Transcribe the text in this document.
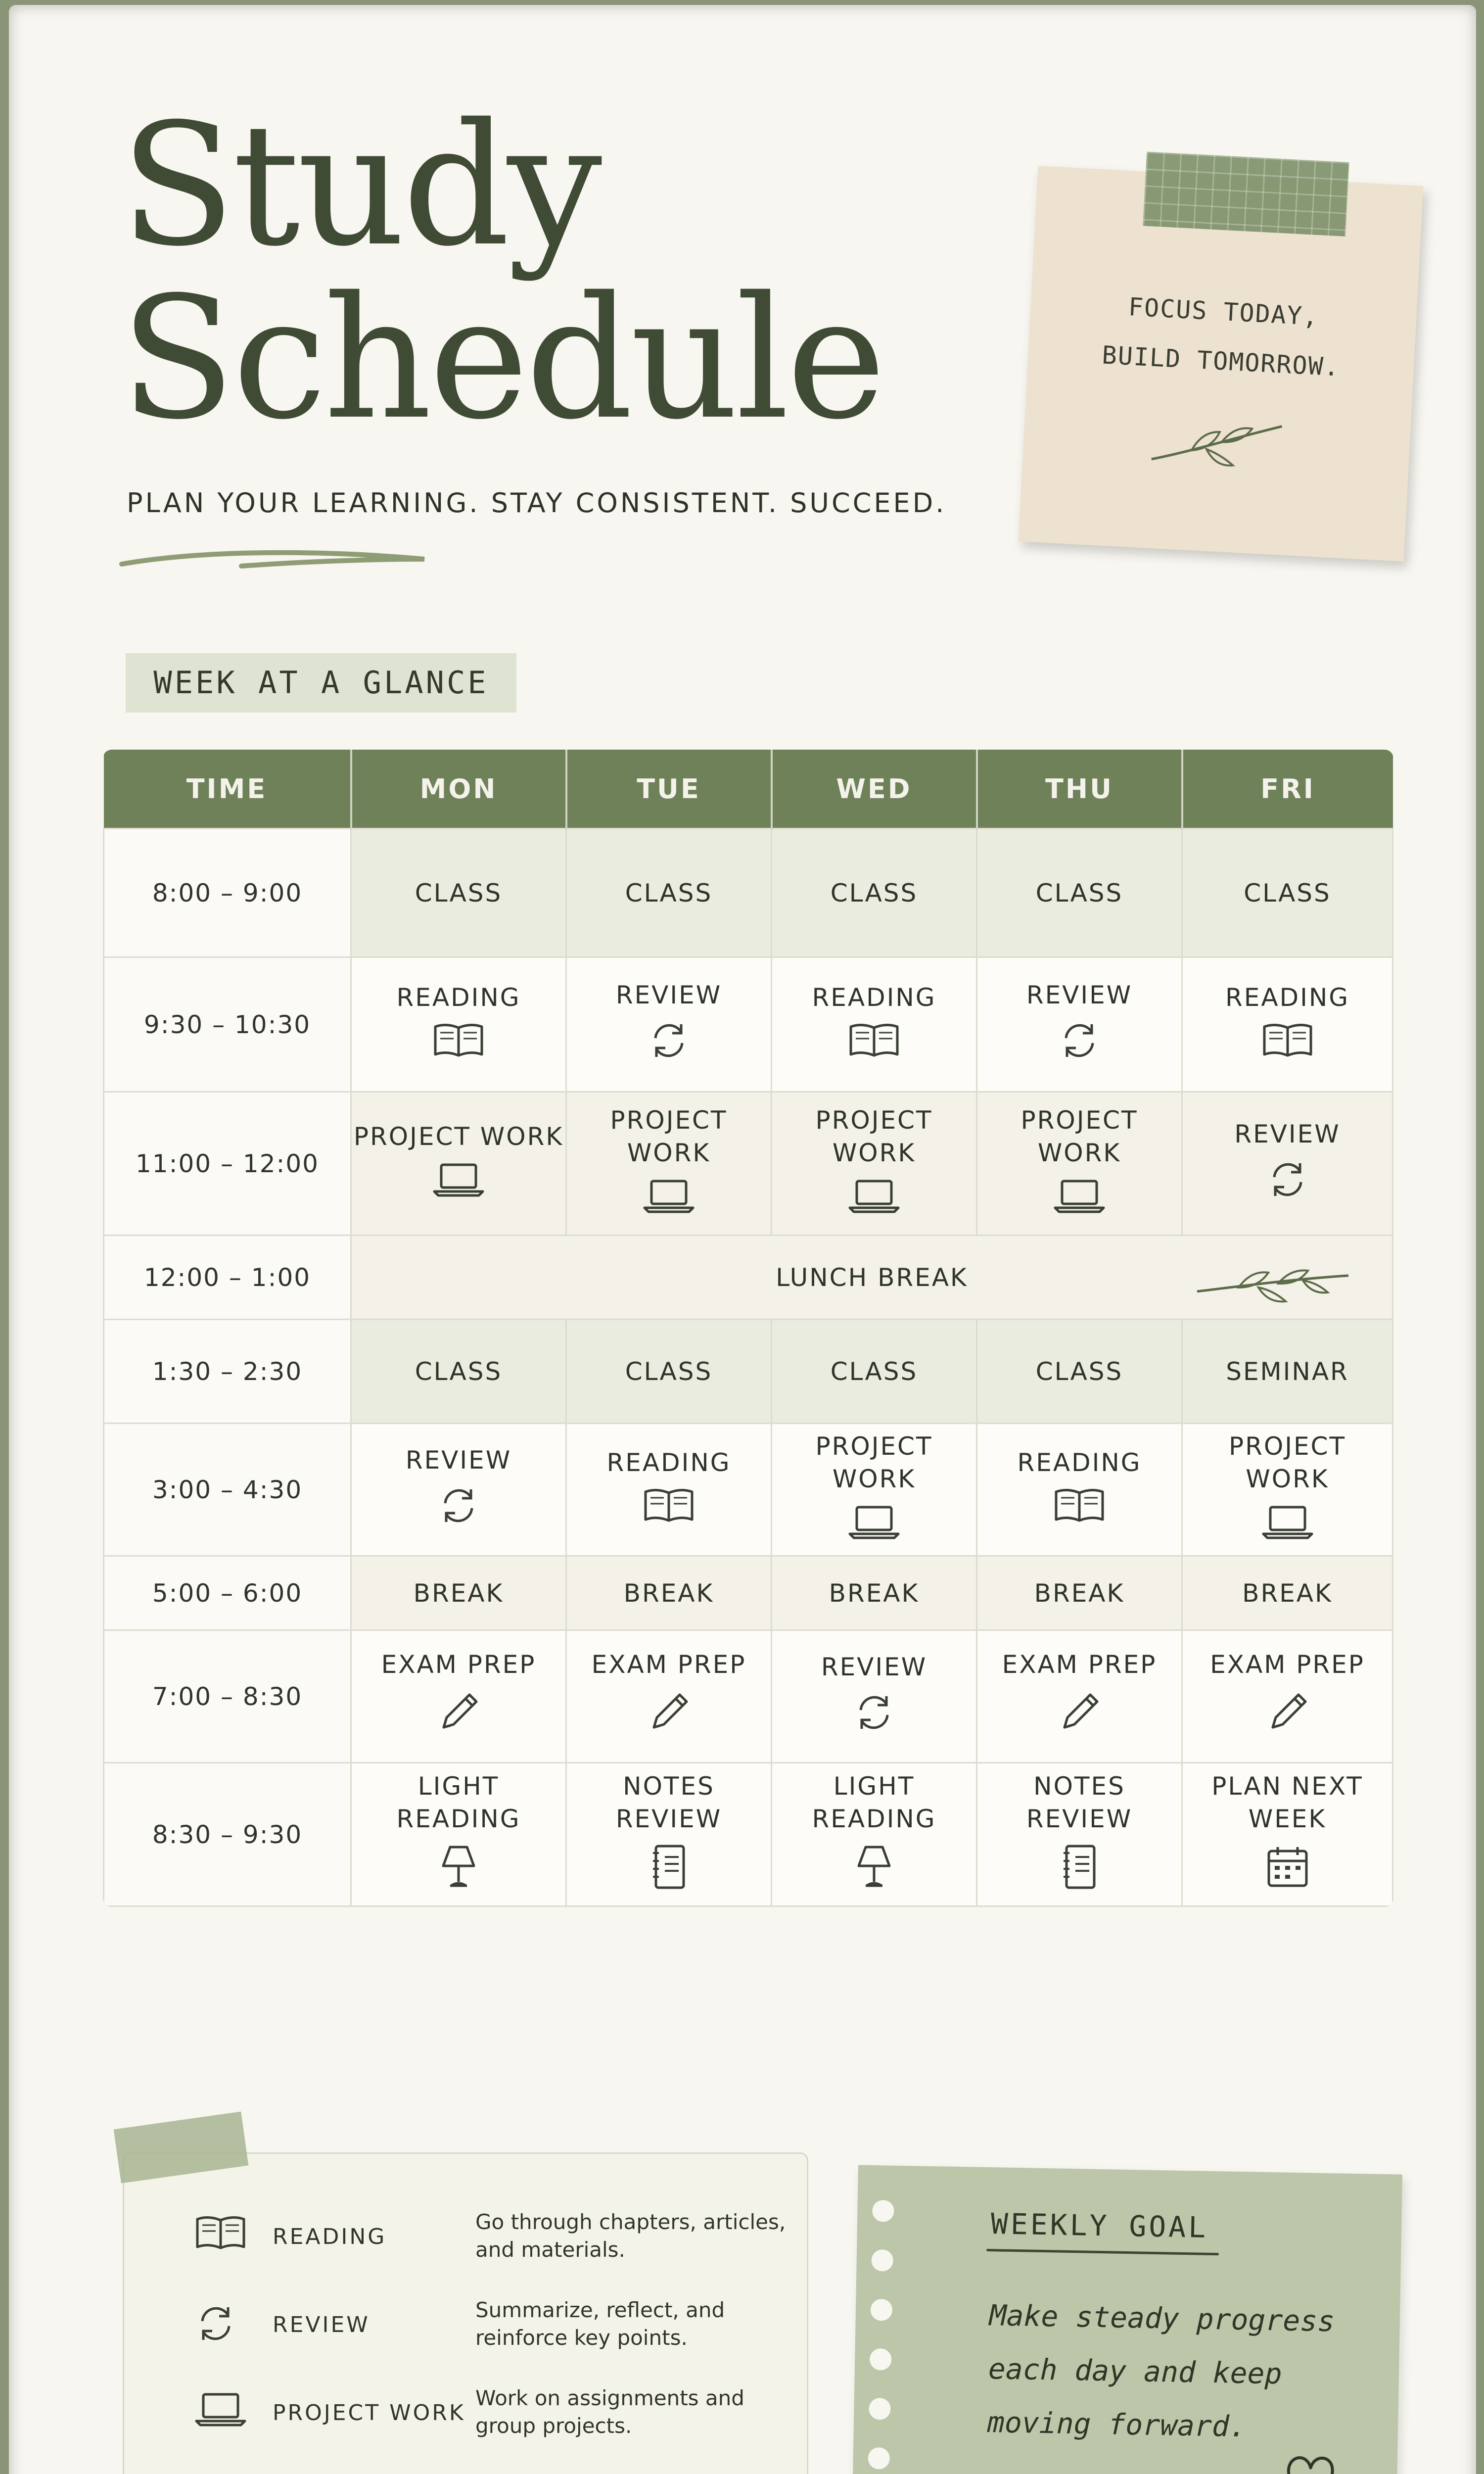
Study
Schedule
PLAN YOUR LEARNING. STAY CONSISTENT. SUCCEED.
FOCUS TODAY,
BUILD TOMORROW.
WEEK AT A GLANCE
TIME	MON	TUE	WED	THU	FRI
8:00 – 9:00	CLASS	CLASS	CLASS	CLASS	CLASS

9:30 – 10:30	READING	REVIEW	READING	REVIEW	READING

11:00 – 12:00	PROJECT WORK	PROJECT WORK	PROJECT WORK	PROJECT WORK	REVIEW

12:00 – 1:00	LUNCH BREAK				

1:30 – 2:30	CLASS	CLASS	CLASS	CLASS	SEMINAR

3:00 – 4:30	REVIEW	READING	PROJECT WORK	READING	PROJECT WORK

5:00 – 6:00	BREAK	BREAK	BREAK	BREAK	BREAK

7:00 – 8:30	EXAM PREP	EXAM PREP	REVIEW	EXAM PREP	EXAM PREP

8:30 – 9:30	LIGHT READING	NOTES REVIEW	LIGHT READING	NOTES REVIEW	PLAN NEXT WEEK
READING
Go through chapters, articles, and materials.
REVIEW
Summarize, reflect, and reinforce key points.
PROJECT WORK
Work on assignments and group projects.
WEEKLY GOAL
Make steady progress each day and keep moving forward.
